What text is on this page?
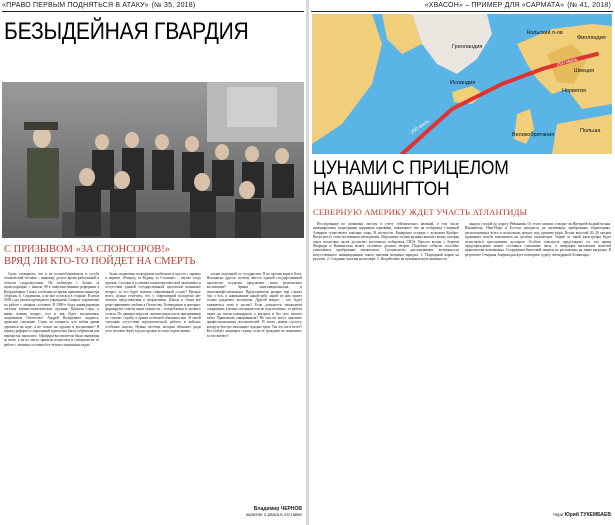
«ПРАВО ПЕРВЫМ ПОДНЯТЬСЯ В АТАКУ» (№ 35, 2018)
БЕЗЫДЕЙНАЯ ГВАРДИЯ
С ПРИЗЫВОМ «ЗА СПОНСОРОВ!»
ВРЯД ЛИ КТО-ТО ПОЙДЕТ НА СМЕРТЬ

Сразу оговорюсь, что я не политобозреватель и сугубо технический человек – инженер, долгое время работавший в области гидроакустики. Но наблюдая с болью за происходящим с начала 90-х многочисленным реформам в Вооружённых Силах, особенно во время правления министра обороны А. Сердюкова, я не мог остаться в стороне. В июле 2018 года указом президента упразднено Главное управление по работе с личным составом. В 1990-е была ликвидирована система военно-политических органов. Прошли годы, и вновь возник вопрос: кто и как будет воспитывать защитников Отечества? Андрей Валерьевич, надеюсь, прояснит ситуацию. Стоит ли говорить, что любая армия держится на идее, а не только на оружии и дисциплине? В период реформ и сокращений идеология была отброшена как пережиток прошлого. Офицеры-воспитатели были выведены за штат, а на их место пришли психологи и специалисты по работе с личным составом без чёткого понимания задач.

были подавлены политрукам шаблоном и просто с правом в партию. «Вперёд, за Родину, за Сталина!» – звучал тогда призыв. Сегодня в условиях капиталистической экономики и отсутствия единой государственной идеологии возникает вопрос: за что будет воевать современный солдат? Прежде всего, нужно отметить, что у современной молодёжи нет чёткого представления о патриотизме. Школа и семья всё реже прививают любовь к Отечеству. Телевидение и интернет формируют совсем иные ценности – потребления и личного успеха. По данным опросов, значительная часть призывников не считает службу в армии почётной обязанностью. В такой ситуации отсутствие идеологической работы в войсках особенно опасно. Нужна система, которая объяснит, ради чего человек берёт в руки оружие и готов отдать жизнь.

альны отдельной от государства. Я не против веры в Бога. Непонятно другое: почему вместо единой государственной идеологии солдатам предлагают лишь религиозное воспитание? Армия многонациональна и многоконфессиональна. Представители разных вер служат бок о бок, и навязывание какой-либо одной из них может только разделить коллектив. Другой вопрос – кто будет заниматься этим в частях? Если должности замполитов сокращены, а новых специалистов не подготовлено, то работа ляжет на плечи командиров, у которых и без того хватает забот. Привлекать священников? Но они не могут заменить профессиональных воспитателей. В итоге имеем пустоту, которую быстро заполняют чуждые идеи. Так что же в итоге? Кто пойдёт защищать страну, если её граждане не понимают, за что воюют?

Владимир ЧЕРНОВ
капитан 1 ранга в отставке
«ХВАСОН» – ПРИМЕР ДЛЯ «САРМАТА» (№ 41, 2018)
Гренландия
Исландия
Великобритания
Норвегия
Швеция
Финляндия
Польша
Кольский п-ов
250 миль
250 миль
ЦУНАМИ С ПРИЦЕЛОМ
НА ВАШИНГТОН
СЕВЕРНУЮ АМЕРИКУ ЖДЕТ УЧАСТЬ АТЛАНТИДЫ

Исследование по уязвимым местам в учёте сейсмических явлений, в том числе инициируемых подводными ядерными взрывами, показывает, что на побережье Северной Америки существуют опасные зоны. В частности, Канарские острова с вулканом Кумбре-Вьеха могут стать источником мегацунами. Обрушение склона вулкана вызовет волну, которая через несколько часов достигнет восточного побережья США. Высота волны у берегов Флориды и Вашингтона может составить десятки метров. Подобное событие способно уничтожить прибрежные мегаполисы. Специалисты рассматривают возможности искусственного инициирования такого явления мощным зарядом. 1. Подводный взрыв на разломе. 2. Создание оползня на шельфе. 3. Воздействие на вулканическую активность.

ланден с водой по дорогу Рейкьявик. От этого зависит, говорят ли Нигерией водной волны. Вашингтон, Нью-Йорк и Бостон находятся на низменных прибрежных территориях, расположенных всего в нескольких метрах над уровнем моря. Волна высотой 20–30 метров проникнет вглубь континента на десятки километров. Ущерб от такой катастрофы будет исчисляться триллионами долларов. Особую опасность представляет то, что время предупреждения может составить считанные часы, а эвакуация миллионов жителей практически невозможна. Сооружения береговой защиты не рассчитаны на такие нагрузки. В результате Северная Америка рискует повторить судьбу легендарной Атлантиды.

Чора Юрий ТУКЕМБАЕВ
